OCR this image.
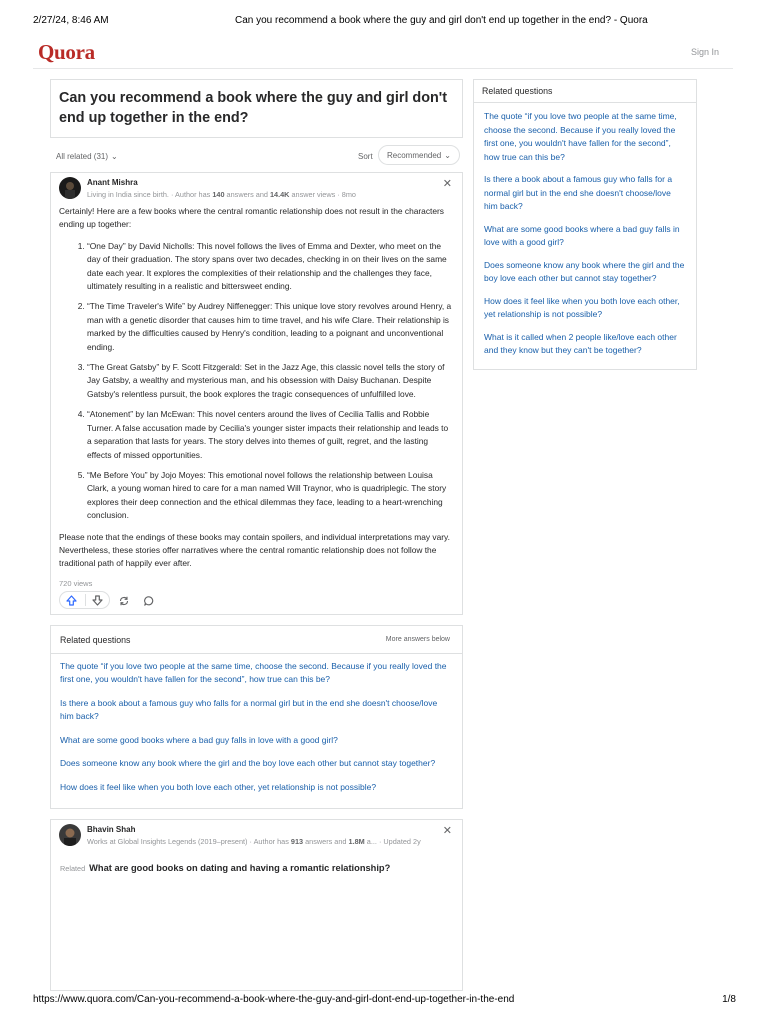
2/27/24, 8:46 AM	Can you recommend a book where the guy and girl don't end up together in the end? - Quora
Quora	Sign In
Can you recommend a book where the guy and girl don't end up together in the end?
All related (31) ⌄	Sort	Recommended ⌄
Anant Mishra
Living in India since birth. · Author has 140 answers and 14.4K answer views · 8mo
✕

Certainly! Here are a few books where the central romantic relationship does not result in the characters ending up together:

1. “One Day” by David Nicholls: This novel follows the lives of Emma and Dexter, who meet on the day of their graduation. The story spans over two decades, checking in on their lives on the same date each year. It explores the complexities of their relationship and the challenges they face, ultimately resulting in a realistic and bittersweet ending.
2. “The Time Traveler's Wife” by Audrey Niffenegger: This unique love story revolves around Henry, a man with a genetic disorder that causes him to time travel, and his wife Clare. Their relationship is marked by the difficulties caused by Henry's condition, leading to a poignant and unconventional ending.
3. “The Great Gatsby” by F. Scott Fitzgerald: Set in the Jazz Age, this classic novel tells the story of Jay Gatsby, a wealthy and mysterious man, and his obsession with Daisy Buchanan. Despite Gatsby's relentless pursuit, the book explores the tragic consequences of unfulfilled love.
4. “Atonement” by Ian McEwan: This novel centers around the lives of Cecilia Tallis and Robbie Turner. A false accusation made by Cecilia's younger sister impacts their relationship and leads to a separation that lasts for years. The story delves into themes of guilt, regret, and the lasting effects of missed opportunities.
5. “Me Before You” by Jojo Moyes: This emotional novel follows the relationship between Louisa Clark, a young woman hired to care for a man named Will Traynor, who is quadriplegic. The story explores their deep connection and the ethical dilemmas they face, leading to a heart-wrenching conclusion.

Please note that the endings of these books may contain spoilers, and individual interpretations may vary. Nevertheless, these stories offer narratives where the central romantic relationship does not follow the traditional path of happily ever after.

720 views
Related questions	More answers below
The quote “if you love two people at the same time, choose the second. Because if you really loved the first one, you wouldn't have fallen for the second”, how true can this be?
Is there a book about a famous guy who falls for a normal girl but in the end she doesn't choose/love him back?
What are some good books where a bad guy falls in love with a good girl?
Does someone know any book where the girl and the boy love each other but cannot stay together?
How does it feel like when you both love each other, yet relationship is not possible?
Bhavin Shah
Works at Global Insights Legends (2019–present) · Author has 913 answers and 1.8M a... · Updated 2y
✕
Related What are good books on dating and having a romantic relationship?
Related questions
The quote “if you love two people at the same time, choose the second. Because if you really loved the first one, you wouldn't have fallen for the second”, how true can this be?
Is there a book about a famous guy who falls for a normal girl but in the end she doesn't choose/love him back?
What are some good books where a bad guy falls in love with a good girl?
Does someone know any book where the girl and the boy love each other but cannot stay together?
How does it feel like when you both love each other, yet relationship is not possible?
What is it called when 2 people like/love each other and they know but they can't be together?
https://www.quora.com/Can-you-recommend-a-book-where-the-guy-and-girl-dont-end-up-together-in-the-end	1/8
